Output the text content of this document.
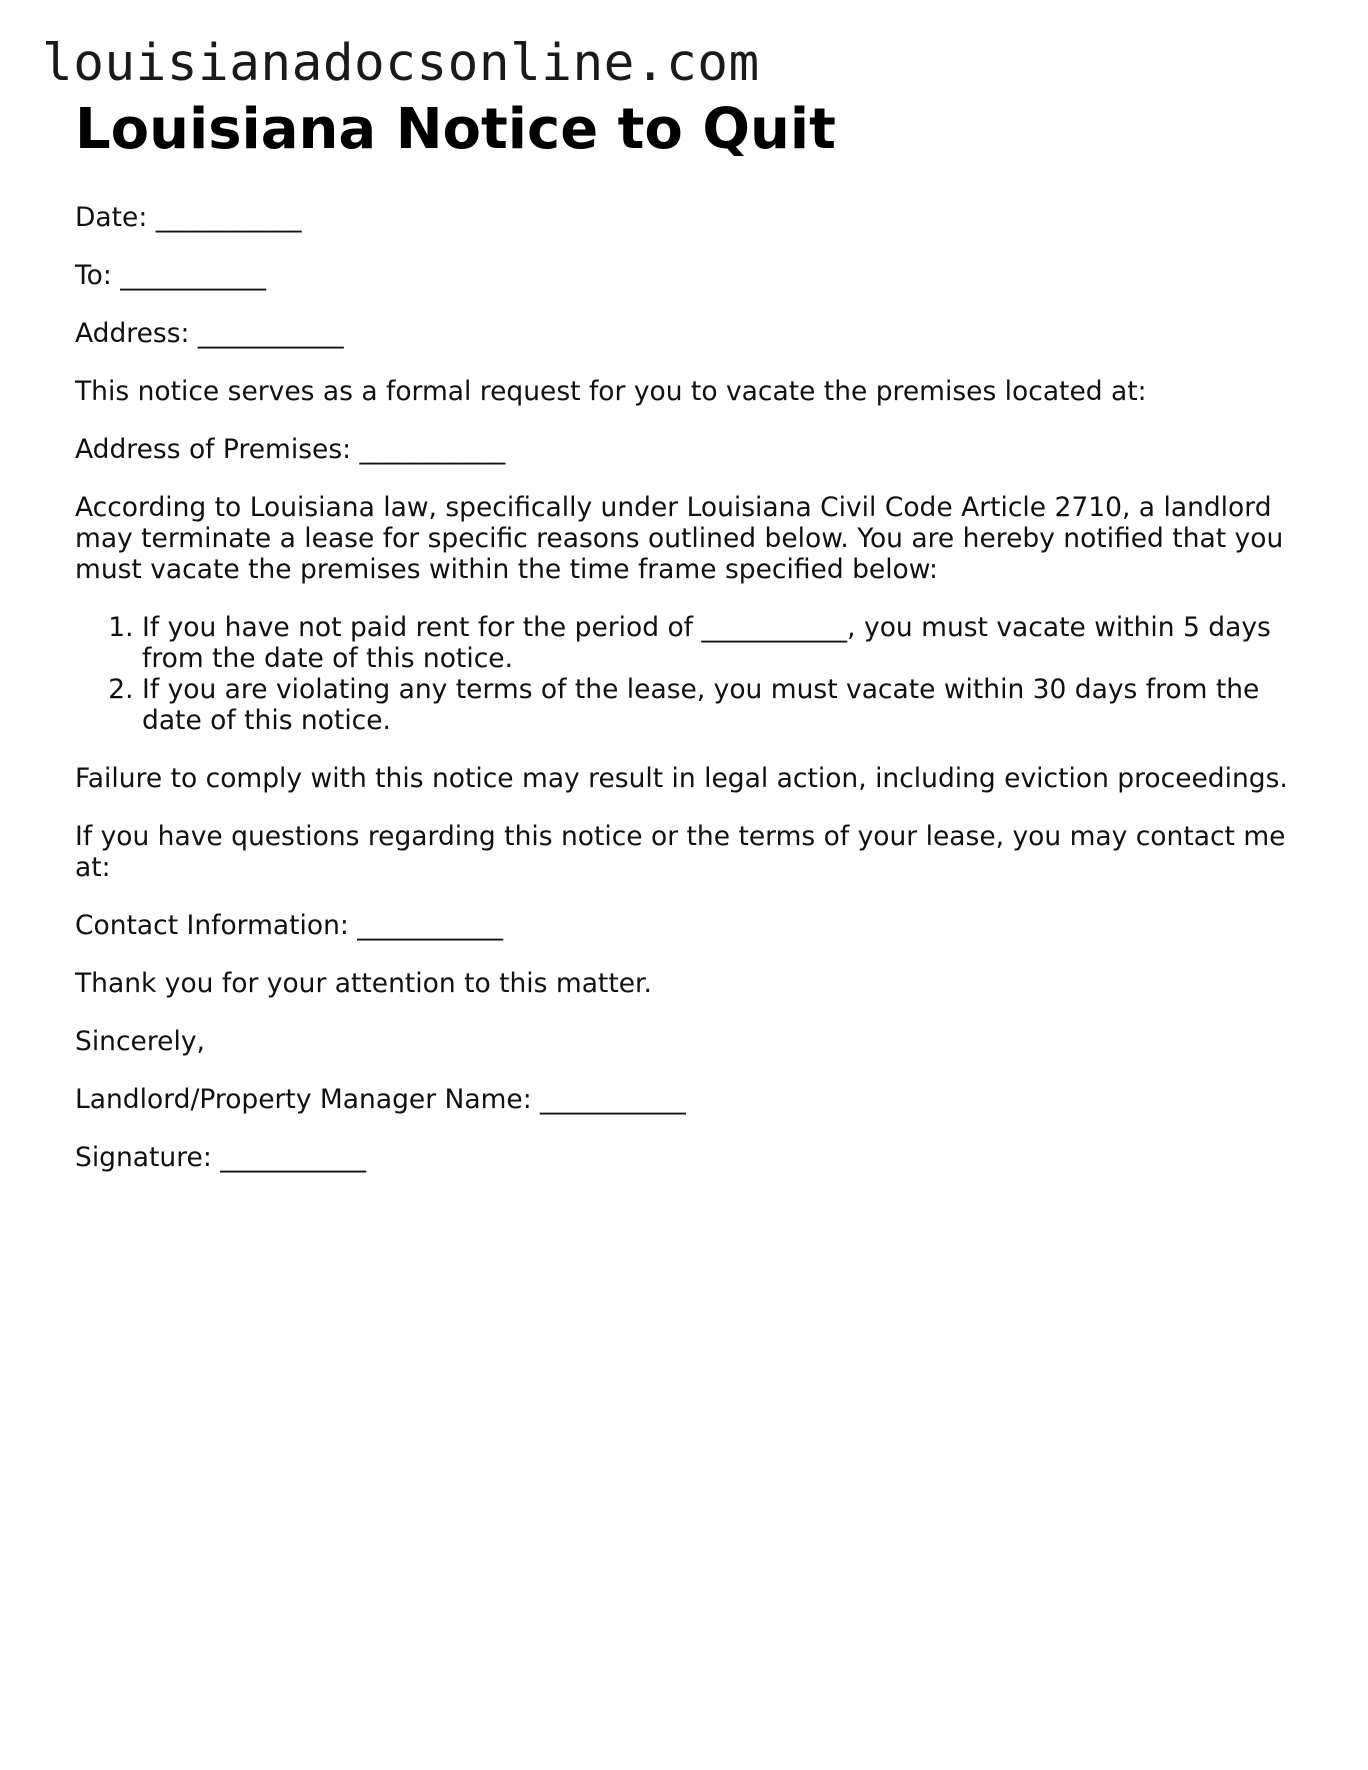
louisianadocsonline.com
Louisiana Notice to Quit

Date: ___________

To: ___________

Address: ___________

This notice serves as a formal request for you to vacate the premises located at:

Address of Premises: ___________

According to Louisiana law, specifically under Louisiana Civil Code Article 2710, a landlord may terminate a lease for specific reasons outlined below. You are hereby notified that you must vacate the premises within the time frame specified below:

1. If you have not paid rent for the period of ___________, you must vacate within 5 days from the date of this notice.
2. If you are violating any terms of the lease, you must vacate within 30 days from the date of this notice.

Failure to comply with this notice may result in legal action, including eviction proceedings.

If you have questions regarding this notice or the terms of your lease, you may contact me at:

Contact Information: ___________

Thank you for your attention to this matter.

Sincerely,

Landlord/Property Manager Name: ___________

Signature: ___________
